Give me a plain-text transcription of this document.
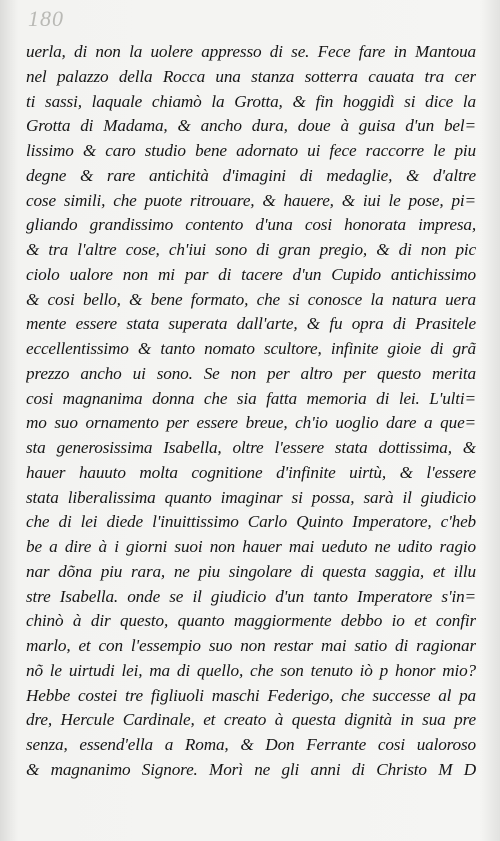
180
uerla, di non la uolere appresso di se. Fece fare in Mantoua
nel palazzo della Rocca una stanza sotterra cauata tra cer
ti sassi, laquale chiamò la Grotta, & fin hoggidì si dice la
Grotta di Madama, & ancho dura, doue à guisa d'un bel=
lissimo & caro studio bene adornato ui fece raccorre le piu
degne & rare antichità d'imagini di medaglie, & d'altre
cose simili, che puote ritrouare, & hauere, & iui le pose, pi=
gliando grandissimo contento d'una cosi honorata impresa,
& tra l'altre cose, ch'iui sono di gran pregio, & di non pic
ciolo ualore non mi par di tacere d'un Cupido antichissimo
& cosi bello, & bene formato, che si conosce la natura uera
mente essere stata superata dall'arte, & fu opra di Prasitele
eccellentissimo & tanto nomato scultore, infinite gioie di grã
prezzo ancho ui sono. Se non per altro per questo merita
cosi magnanima donna che sia fatta memoria di lei. L'ulti=
mo suo ornamento per essere breue, ch'io uoglio dare a que=
sta generosissima Isabella, oltre l'essere stata dottissima, &
hauer hauuto molta cognitione d'infinite uirtù, & l'essere
stata liberalissima quanto imaginar si possa, sarà il giudicio
che di lei diede l'inuittissimo Carlo Quinto Imperatore, c'heb
be a dire à i giorni suoi non hauer mai ueduto ne udito ragio
nar dõna piu rara, ne piu singolare di questa saggia, et illu
stre Isabella. onde se il giudicio d'un tanto Imperatore s'in=
chinò à dir questo, quanto maggiormente debbo io et confir
marlo, et con l'essempio suo non restar mai satio di ragionar
nõ le uirtudi lei, ma di quello, che son tenuto iò p honor mio?
Hebbe costei tre figliuoli maschi Federigo, che successe al pa
dre, Hercule Cardinale, et creato à questa dignità in sua pre
senza, essend'ella a Roma, & Don Ferrante cosi ualoroso
& magnanimo Signore. Morì ne gli anni di Christo M D
